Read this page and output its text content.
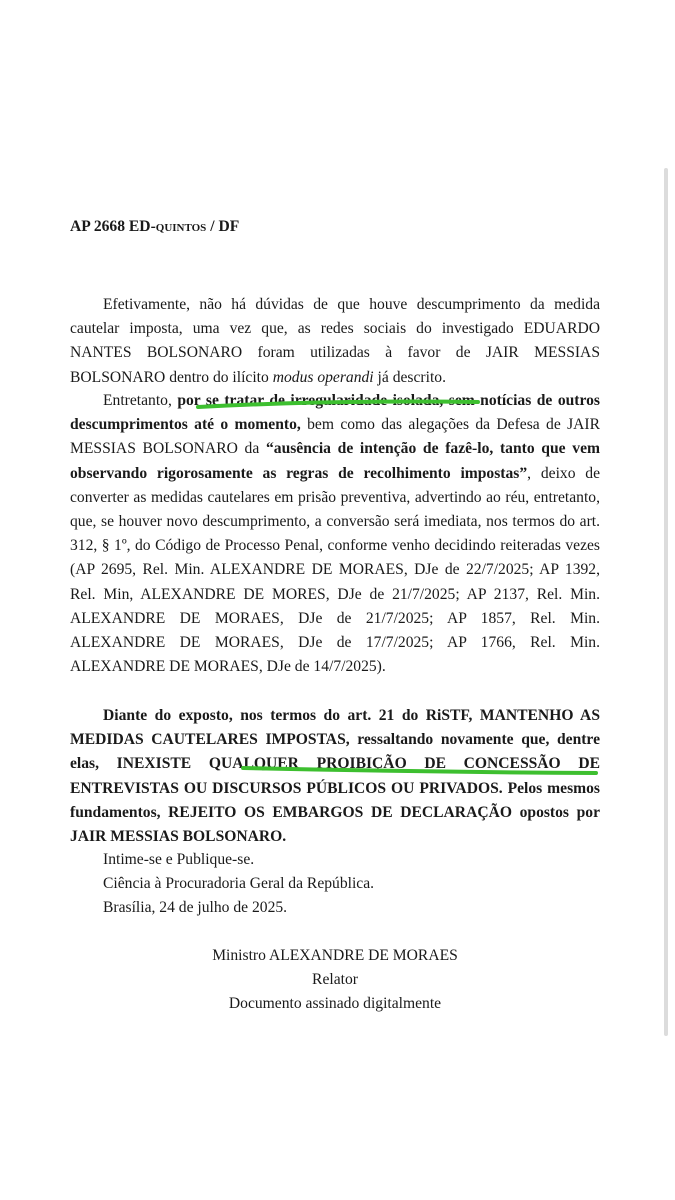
AP 2668 ED-quintos / DF

Efetivamente, não há dúvidas de que houve descumprimento da medida cautelar imposta, uma vez que, as redes sociais do investigado EDUARDO NANTES BOLSONARO foram utilizadas à favor de JAIR MESSIAS BOLSONARO dentro do ilícito modus operandi já descrito.

Entretanto, por se tratar de irregularidade isolada, sem notícias de outros descumprimentos até o momento, bem como das alegações da Defesa de JAIR MESSIAS BOLSONARO da “ausência de intenção de fazê-lo, tanto que vem observando rigorosamente as regras de recolhimento impostas”, deixo de converter as medidas cautelares em prisão preventiva, advertindo ao réu, entretanto, que, se houver novo descumprimento, a conversão será imediata, nos termos do art. 312, § 1º, do Código de Processo Penal, conforme venho decidindo reiteradas vezes (AP 2695, Rel. Min. ALEXANDRE DE MORAES, DJe de 22/7/2025; AP 1392, Rel. Min, ALEXANDRE DE MORES, DJe de 21/7/2025; AP 2137, Rel. Min. ALEXANDRE DE MORAES, DJe de 21/7/2025; AP 1857, Rel. Min. ALEXANDRE DE MORAES, DJe de 17/7/2025; AP 1766, Rel. Min. ALEXANDRE DE MORAES, DJe de 14/7/2025).

Diante do exposto, nos termos do art. 21 do RiSTF, MANTENHO AS MEDIDAS CAUTELARES IMPOSTAS, ressaltando novamente que, dentre elas, INEXISTE QUALQUER PROIBIÇÃO DE CONCESSÃO DE ENTREVISTAS OU DISCURSOS PÚBLICOS OU PRIVADOS. Pelos mesmos fundamentos, REJEITO OS EMBARGOS DE DECLARAÇÃO opostos por JAIR MESSIAS BOLSONARO.

Intime-se e Publique-se.
Ciência à Procuradoria Geral da República.
Brasília, 24 de julho de 2025.
Ministro ALEXANDRE DE MORAES
Relator
Documento assinado digitalmente
